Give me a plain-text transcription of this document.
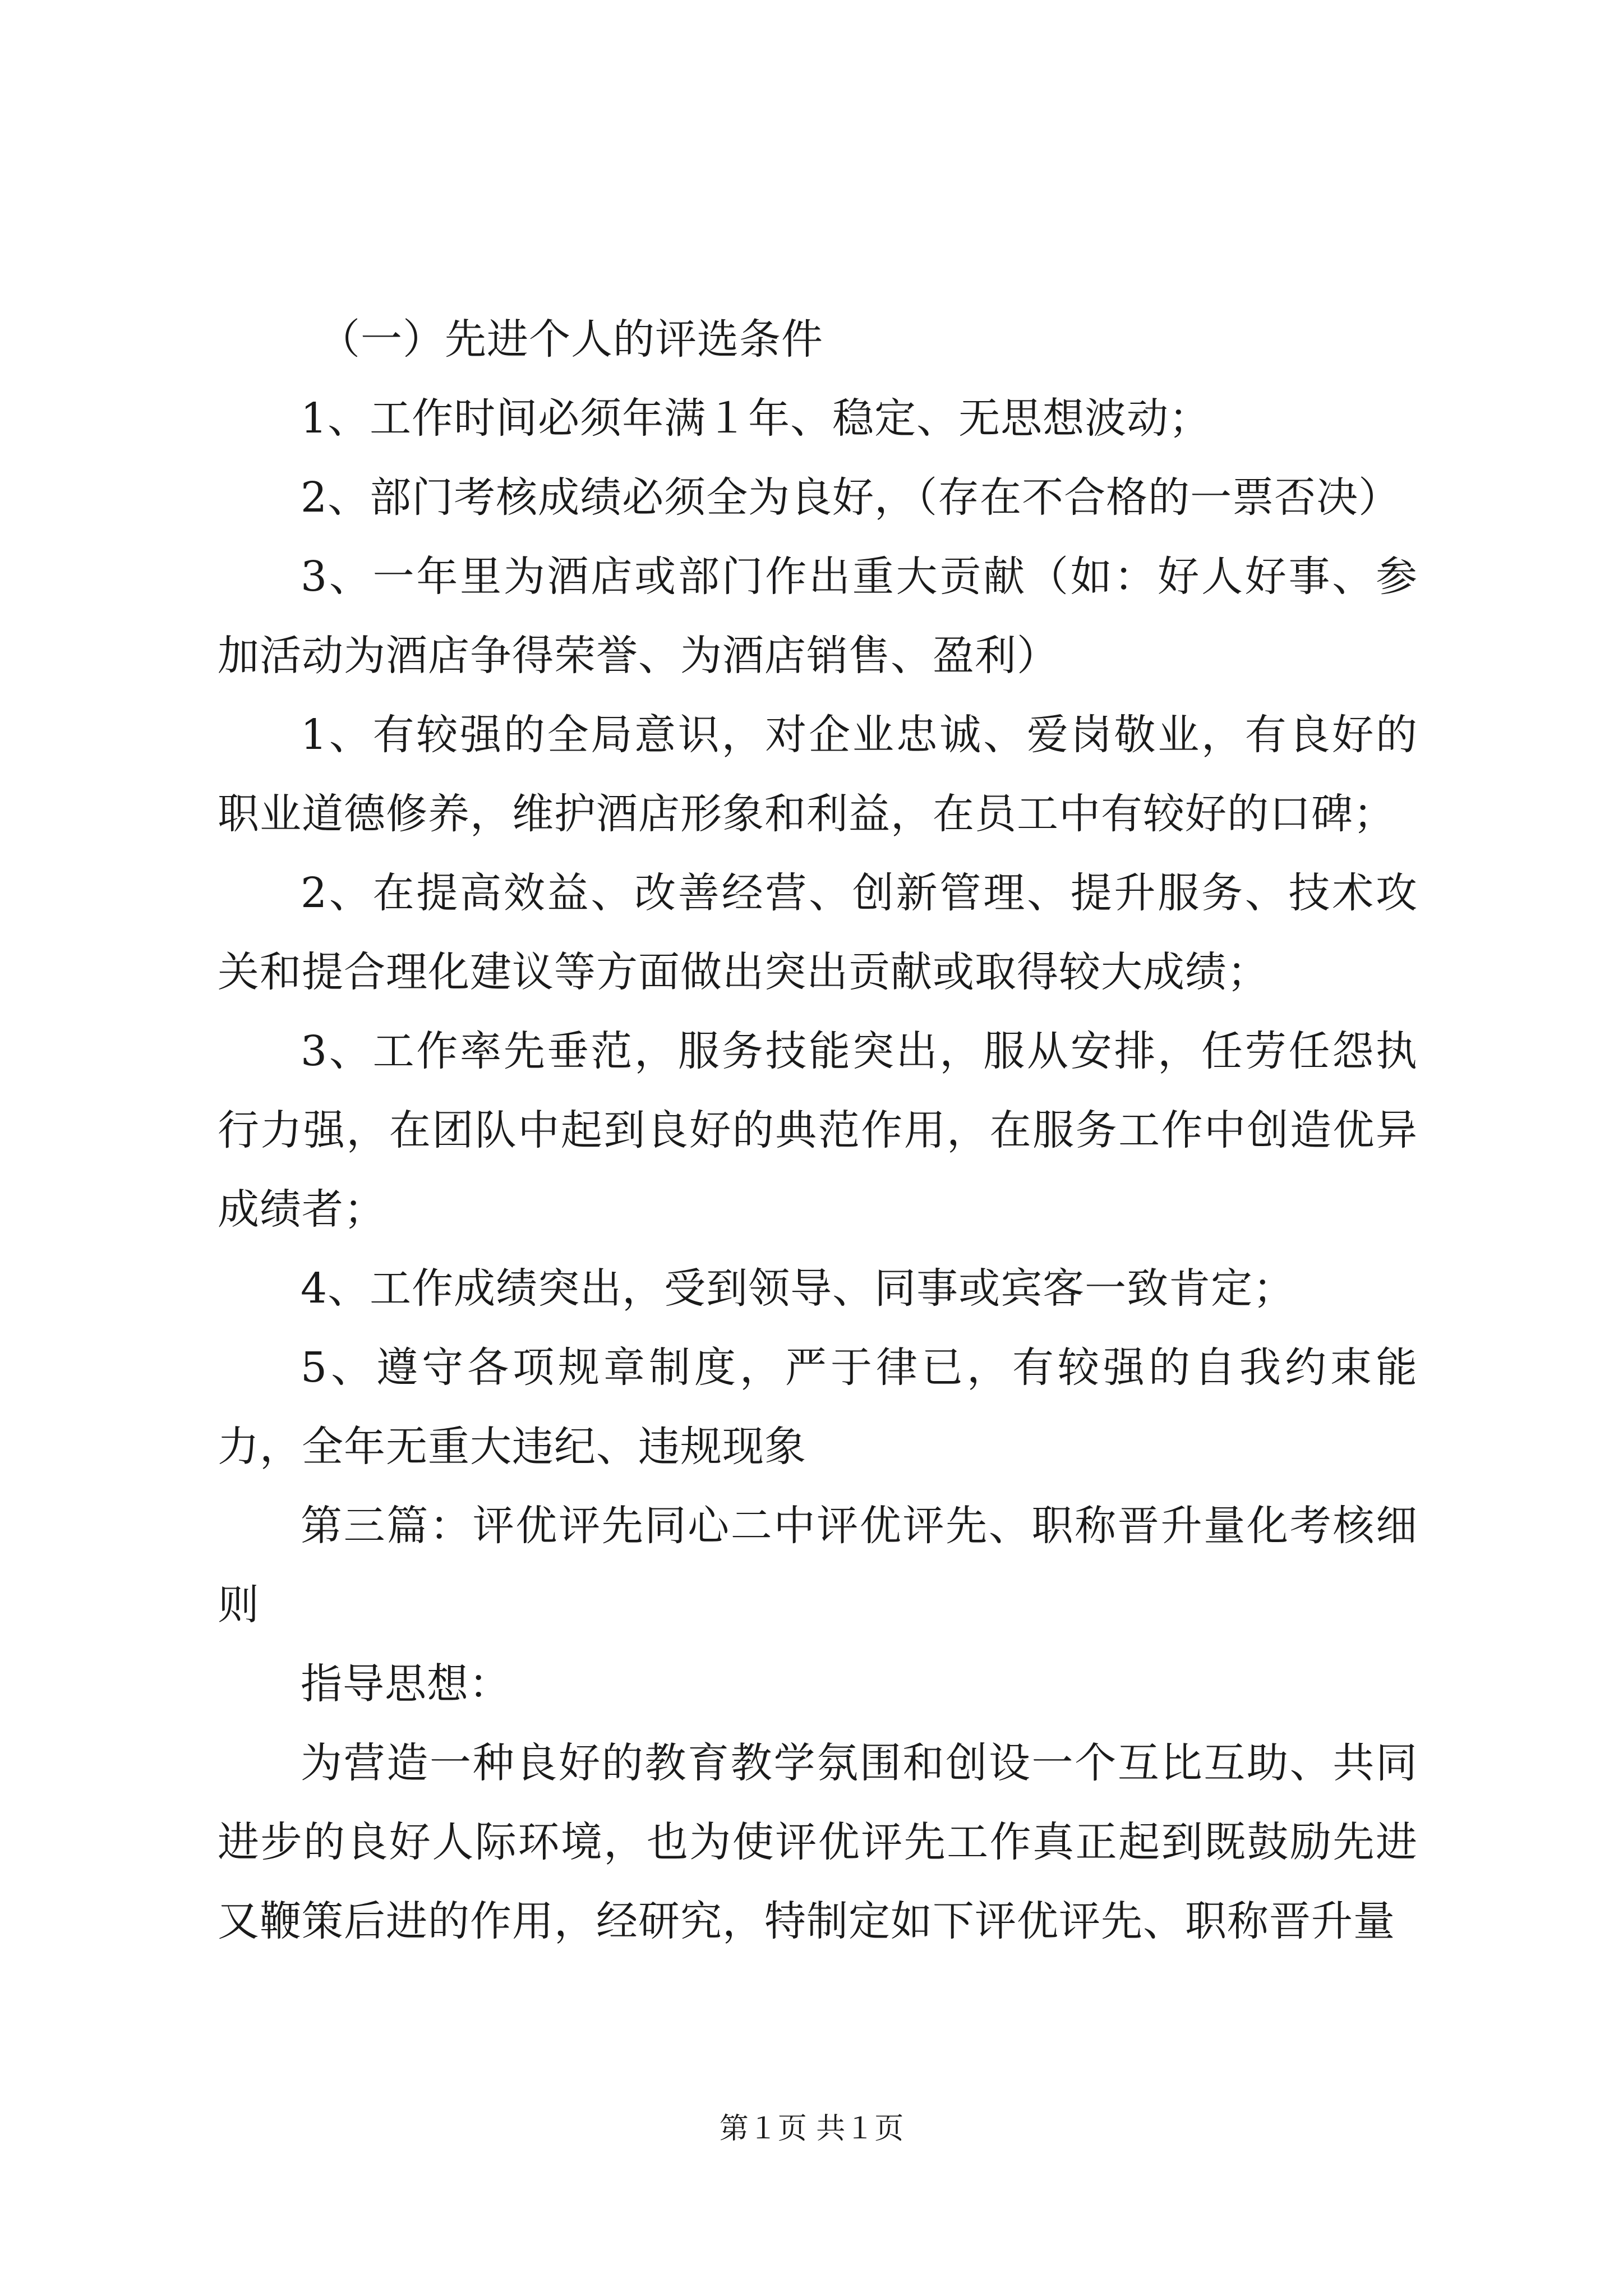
（一）先进个人的评选条件

1、工作时间必须年满１年、稳定、无思想波动；

2、部门考核成绩必须全为良好，（存在不合格的一票否决）

3、一年里为酒店或部门作出重大贡献（如：好人好事、参加活动为酒店争得荣誉、为酒店销售、盈利）

1、有较强的全局意识，对企业忠诚、爱岗敬业，有良好的职业道德修养，维护酒店形象和利益，在员工中有较好的口碑；

2、在提高效益、改善经营、创新管理、提升服务、技术攻关和提合理化建议等方面做出突出贡献或取得较大成绩；

3、工作率先垂范，服务技能突出，服从安排，任劳任怨执行力强，在团队中起到良好的典范作用，在服务工作中创造优异成绩者；

4、工作成绩突出，受到领导、同事或宾客一致肯定；

5、遵守各项规章制度，严于律已，有较强的自我约束能力，全年无重大违纪、违规现象

第三篇：评优评先同心二中评优评先、职称晋升量化考核细则

指导思想：

为营造一种良好的教育教学氛围和创设一个互比互助、共同进步的良好人际环境，也为使评优评先工作真正起到既鼓励先进又鞭策后进的作用，经研究，特制定如下评优评先、职称晋升量

第１页 共１页
